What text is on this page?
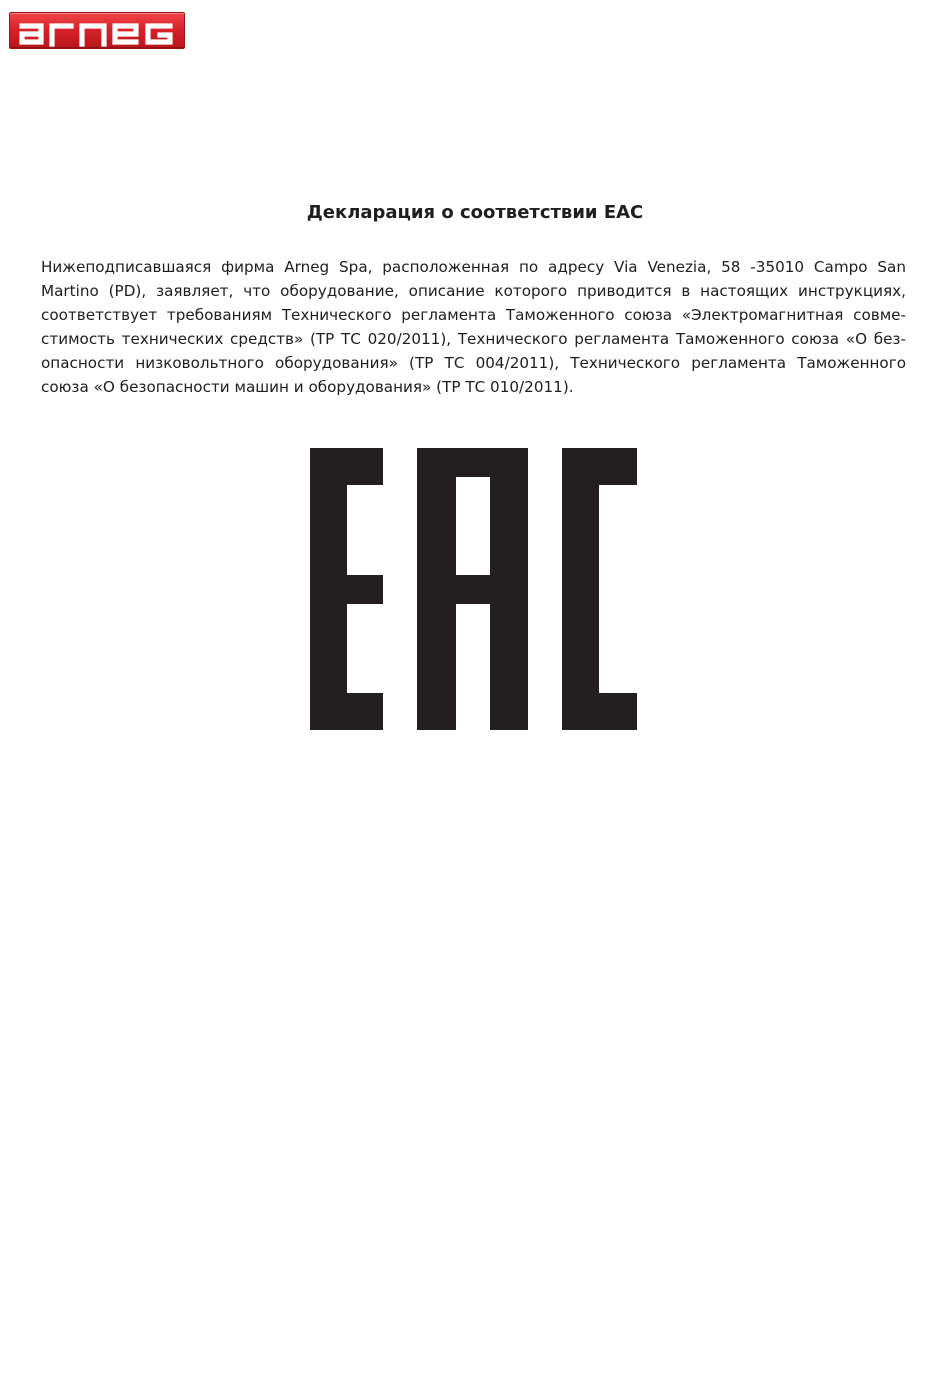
Декларация о соответствии EAC

Нижеподписавшаяся фирма Arneg Spa, расположенная по адресу Via Venezia, 58 -35010 Campo San Martino (PD), заявляет, что оборудование, описание которого приводится в настоящих инструкциях, соответствует требованиям Технического регламента Таможенного союза «Электромагнитная совме-стимость технических средств» (ТР ТС 020/2011), Технического регламента Таможенного союза «О без-опасности низковольтного оборудования» (ТР ТС 004/2011), Технического регламента Таможенного союза «О безопасности машин и оборудования» (ТР ТС 010/2011).
